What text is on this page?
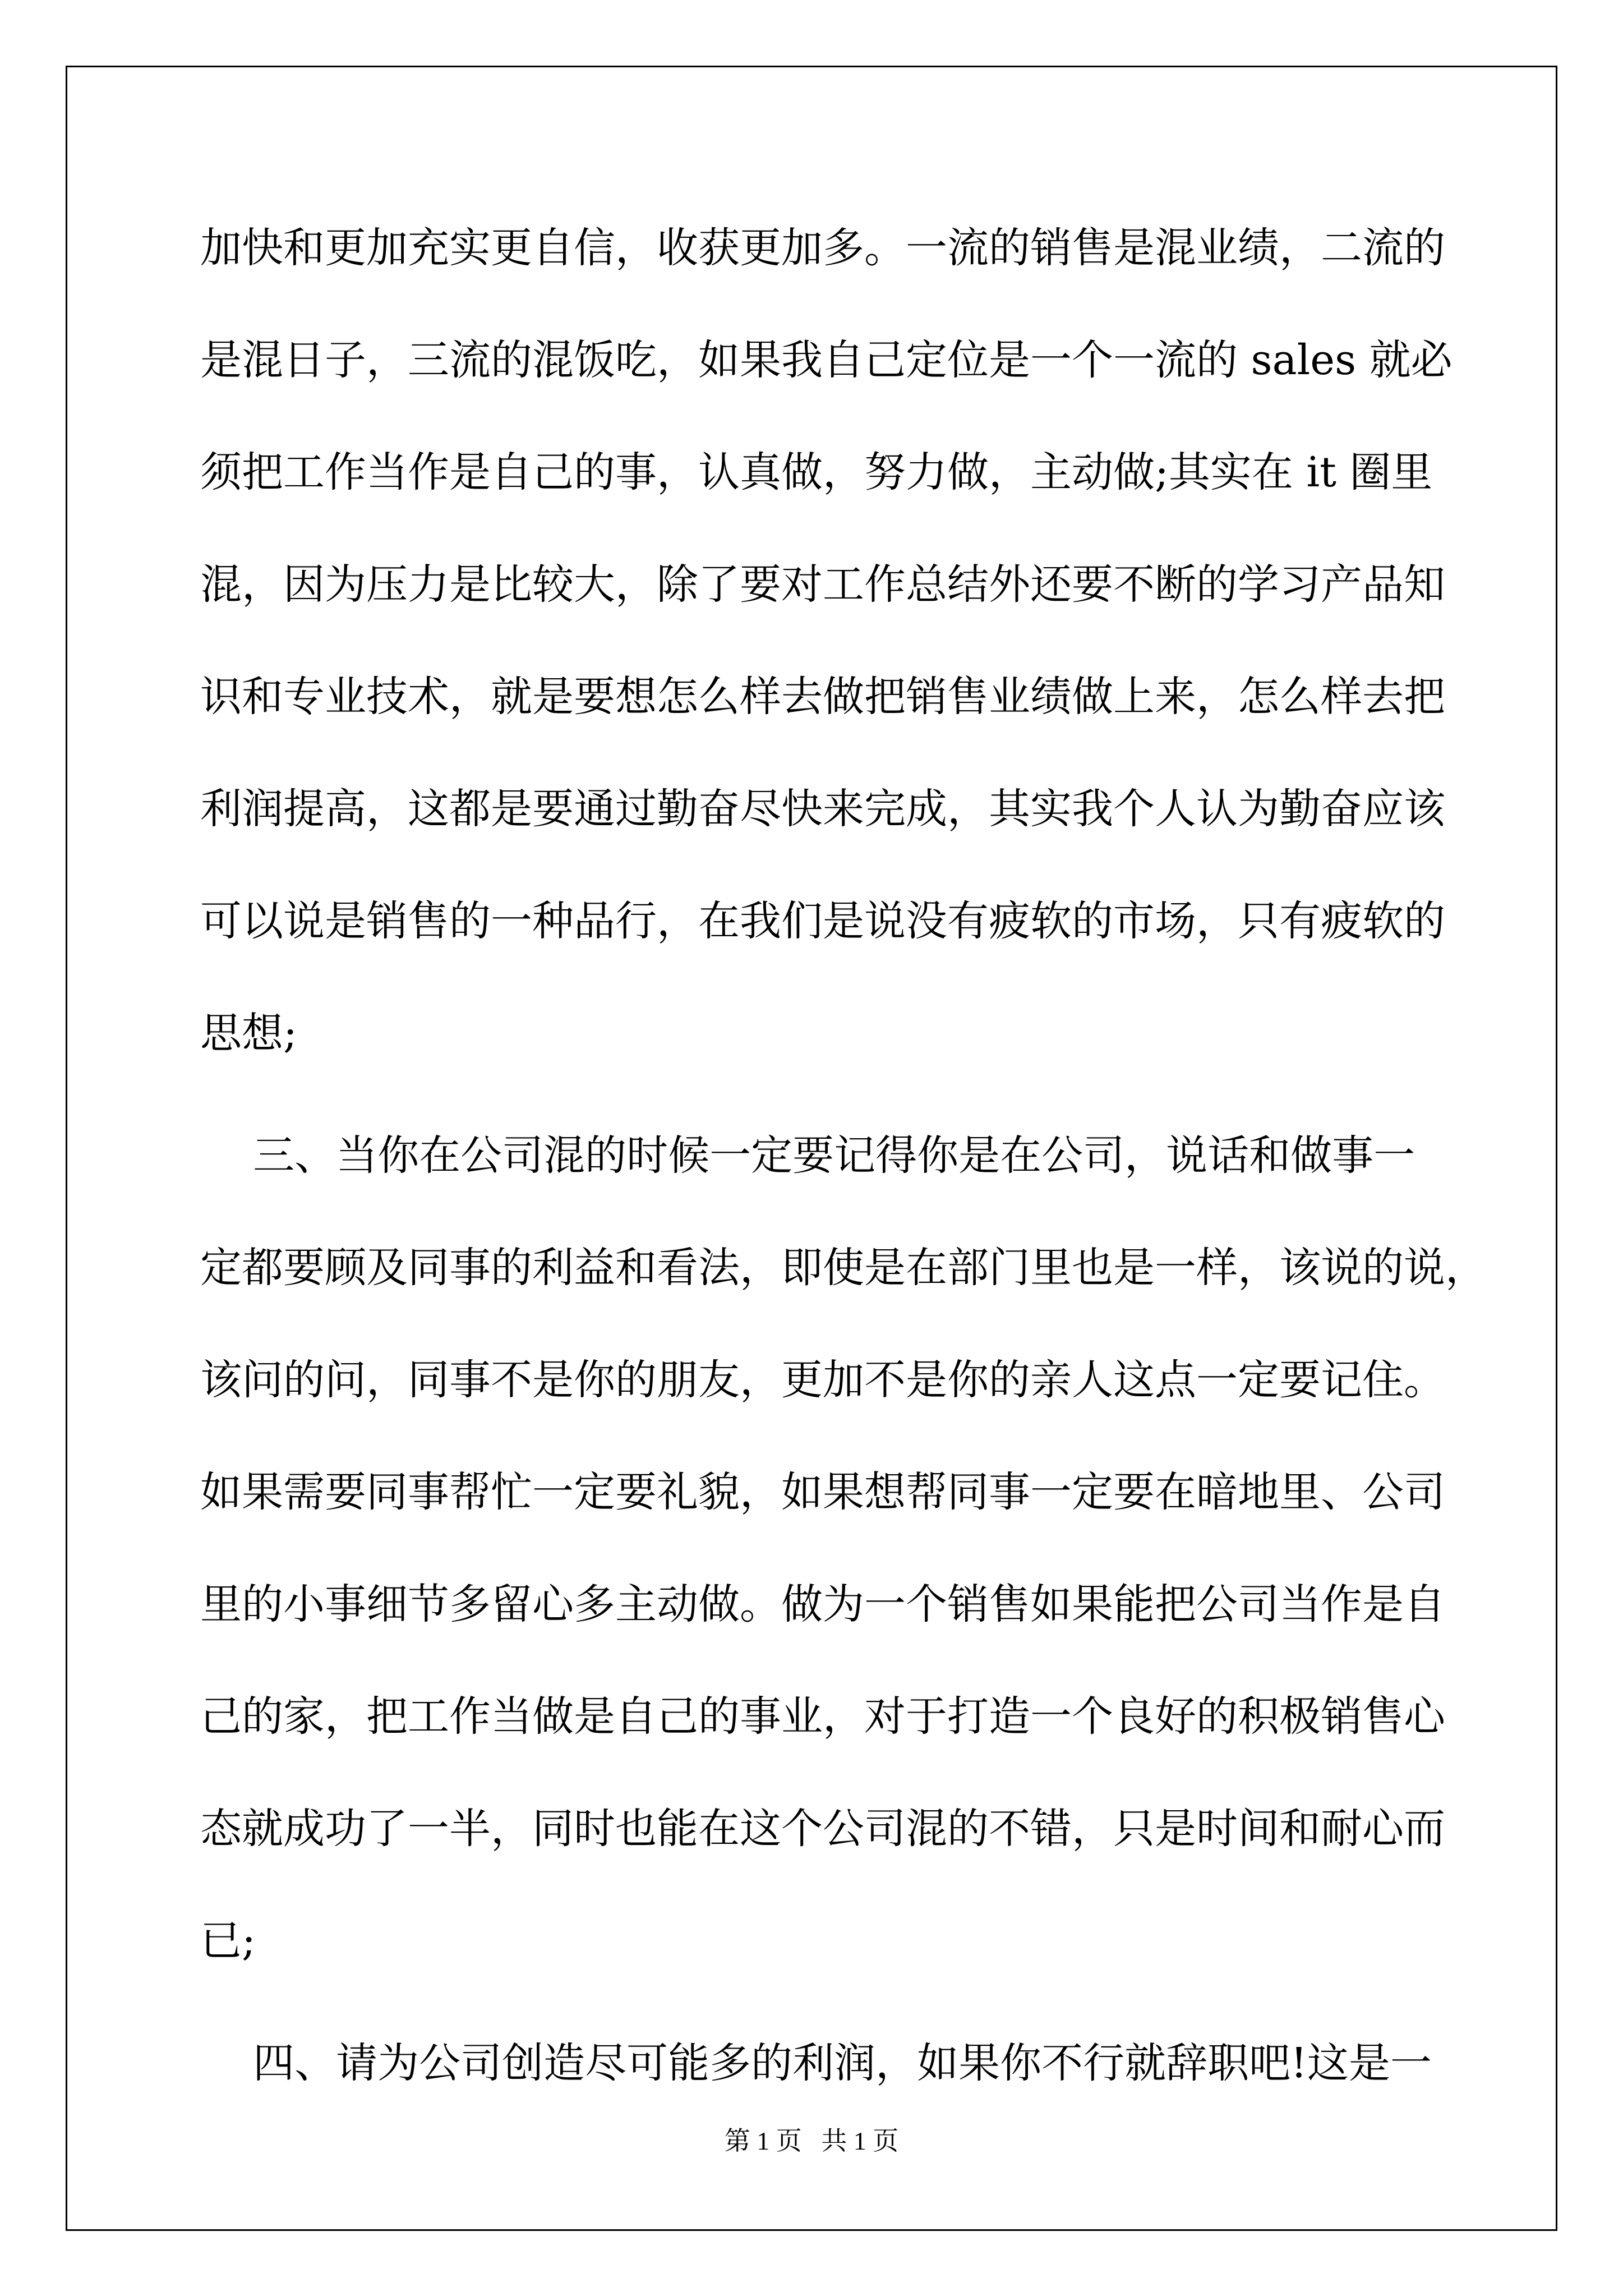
加快和更加充实更自信，收获更加多。一流的销售是混业绩，二流的
是混日子，三流的混饭吃，如果我自己定位是一个一流的 sales 就必
须把工作当作是自己的事，认真做，努力做，主动做;其实在 it 圈里
混，因为压力是比较大，除了要对工作总结外还要不断的学习产品知
识和专业技术，就是要想怎么样去做把销售业绩做上来，怎么样去把
利润提高，这都是要通过勤奋尽快来完成，其实我个人认为勤奋应该
可以说是销售的一种品行，在我们是说没有疲软的市场，只有疲软的
思想;
三、当你在公司混的时候一定要记得你是在公司，说话和做事一
定都要顾及同事的利益和看法，即使是在部门里也是一样，该说的说，
该问的问，同事不是你的朋友，更加不是你的亲人这点一定要记住。
如果需要同事帮忙一定要礼貌，如果想帮同事一定要在暗地里、公司
里的小事细节多留心多主动做。做为一个销售如果能把公司当作是自
己的家，把工作当做是自己的事业，对于打造一个良好的积极销售心
态就成功了一半，同时也能在这个公司混的不错，只是时间和耐心而
已;
四、请为公司创造尽可能多的利润，如果你不行就辞职吧!这是一
第 1 页   共 1 页
